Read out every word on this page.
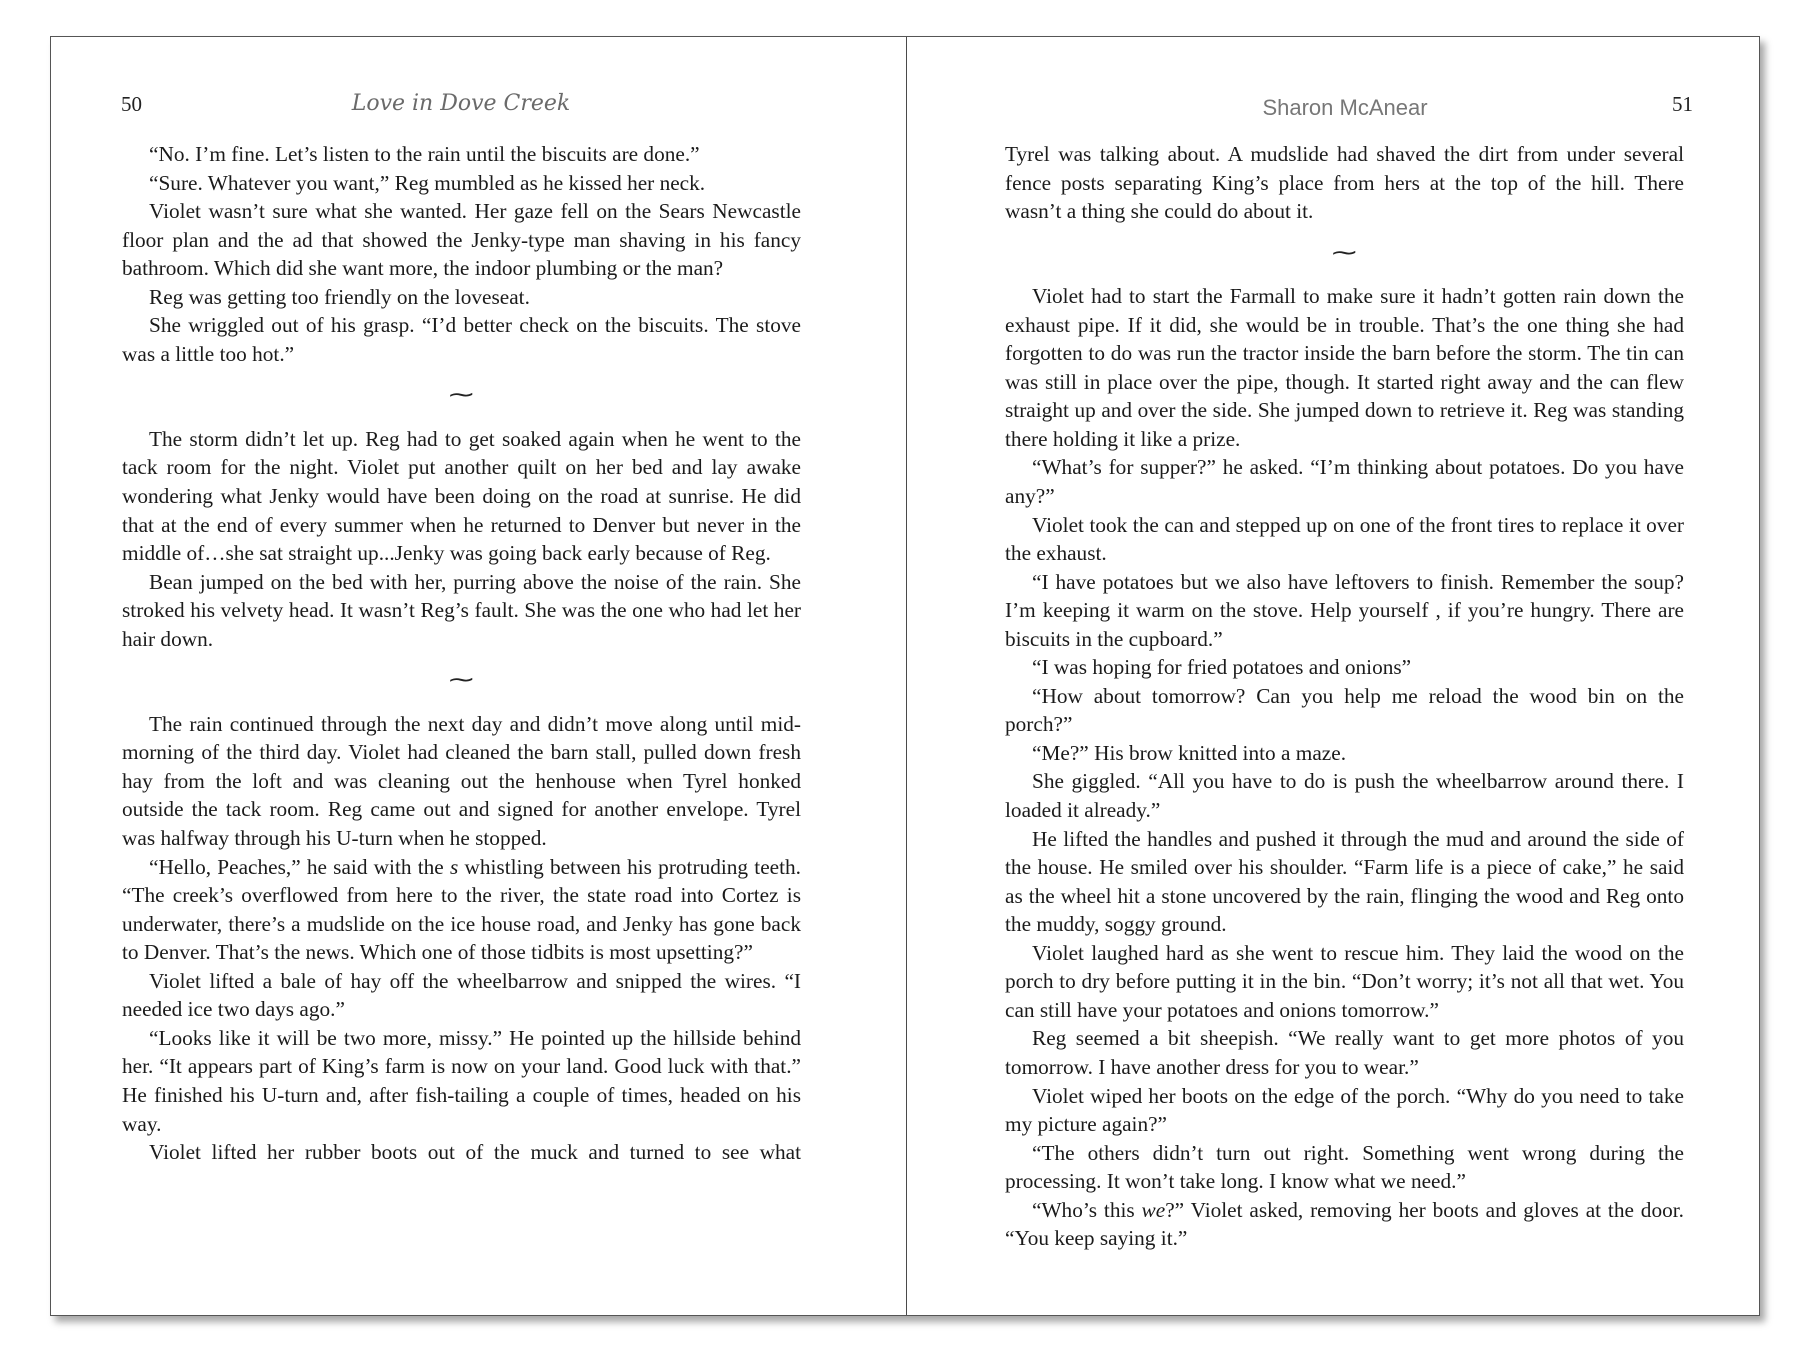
50	Love in Dove Creek

“No. I’m fine. Let’s listen to the rain until the biscuits are done.”

“Sure. Whatever you want,” Reg mumbled as he kissed her neck.

Violet wasn’t sure what she wanted. Her gaze fell on the Sears Newcastle floor plan and the ad that showed the Jenky-type man shaving in his fancy bathroom. Which did she want more, the indoor plumbing or the man?

Reg was getting too friendly on the loveseat.

She wriggled out of his grasp. “I’d better check on the biscuits. The stove was a little too hot.”

~

The storm didn’t let up. Reg had to get soaked again when he went to the tack room for the night. Violet put another quilt on her bed and lay awake wondering what Jenky would have been doing on the road at sunrise. He did that at the end of every summer when he returned to Denver but never in the middle of…she sat straight up...Jenky was going back early because of Reg.

Bean jumped on the bed with her, purring above the noise of the rain. She stroked his velvety head. It wasn’t Reg’s fault. She was the one who had let her hair down.

~

The rain continued through the next day and didn’t move along until mid-morning of the third day. Violet had cleaned the barn stall, pulled down fresh hay from the loft and was cleaning out the henhouse when Tyrel honked outside the tack room. Reg came out and signed for another envelope. Tyrel was halfway through his U-turn when he stopped.

“Hello, Peaches,” he said with the s whistling between his protruding teeth. “The creek’s overflowed from here to the river, the state road into Cortez is underwater, there’s a mudslide on the ice house road, and Jenky has gone back to Denver. That’s the news. Which one of those tidbits is most upsetting?”

Violet lifted a bale of hay off the wheelbarrow and snipped the wires. “I needed ice two days ago.”

“Looks like it will be two more, missy.” He pointed up the hillside behind her. “It appears part of King’s farm is now on your land. Good luck with that.” He finished his U-turn and, after fish-tailing a couple of times, headed on his way.

Violet lifted her rubber boots out of the muck and turned to see what

Sharon McAnear	51

Tyrel was talking about. A mudslide had shaved the dirt from under several fence posts separating King’s place from hers at the top of the hill. There wasn’t a thing she could do about it.

~

Violet had to start the Farmall to make sure it hadn’t gotten rain down the exhaust pipe. If it did, she would be in trouble. That’s the one thing she had forgotten to do was run the tractor inside the barn before the storm. The tin can was still in place over the pipe, though. It started right away and the can flew straight up and over the side. She jumped down to retrieve it. Reg was standing there holding it like a prize.

“What’s for supper?” he asked. “I’m thinking about potatoes. Do you have any?”

Violet took the can and stepped up on one of the front tires to replace it over the exhaust.

“I have potatoes but we also have leftovers to finish. Remember the soup? I’m keeping it warm on the stove. Help yourself , if you’re hungry. There are biscuits in the cupboard.”

“I was hoping for fried potatoes and onions”

“How about tomorrow? Can you help me reload the wood bin on the porch?”

“Me?” His brow knitted into a maze.

She giggled. “All you have to do is push the wheelbarrow around there. I loaded it already.”

He lifted the handles and pushed it through the mud and around the side of the house. He smiled over his shoulder. “Farm life is a piece of cake,” he said as the wheel hit a stone uncovered by the rain, flinging the wood and Reg onto the muddy, soggy ground.

Violet laughed hard as she went to rescue him. They laid the wood on the porch to dry before putting it in the bin. “Don’t worry; it’s not all that wet. You can still have your potatoes and onions tomorrow.”

Reg seemed a bit sheepish. “We really want to get more photos of you tomorrow. I have another dress for you to wear.”

Violet wiped her boots on the edge of the porch. “Why do you need to take my picture again?”

“The others didn’t turn out right. Something went wrong during the processing. It won’t take long. I know what we need.”

“Who’s this we?” Violet asked, removing her boots and gloves at the door. “You keep saying it.”
